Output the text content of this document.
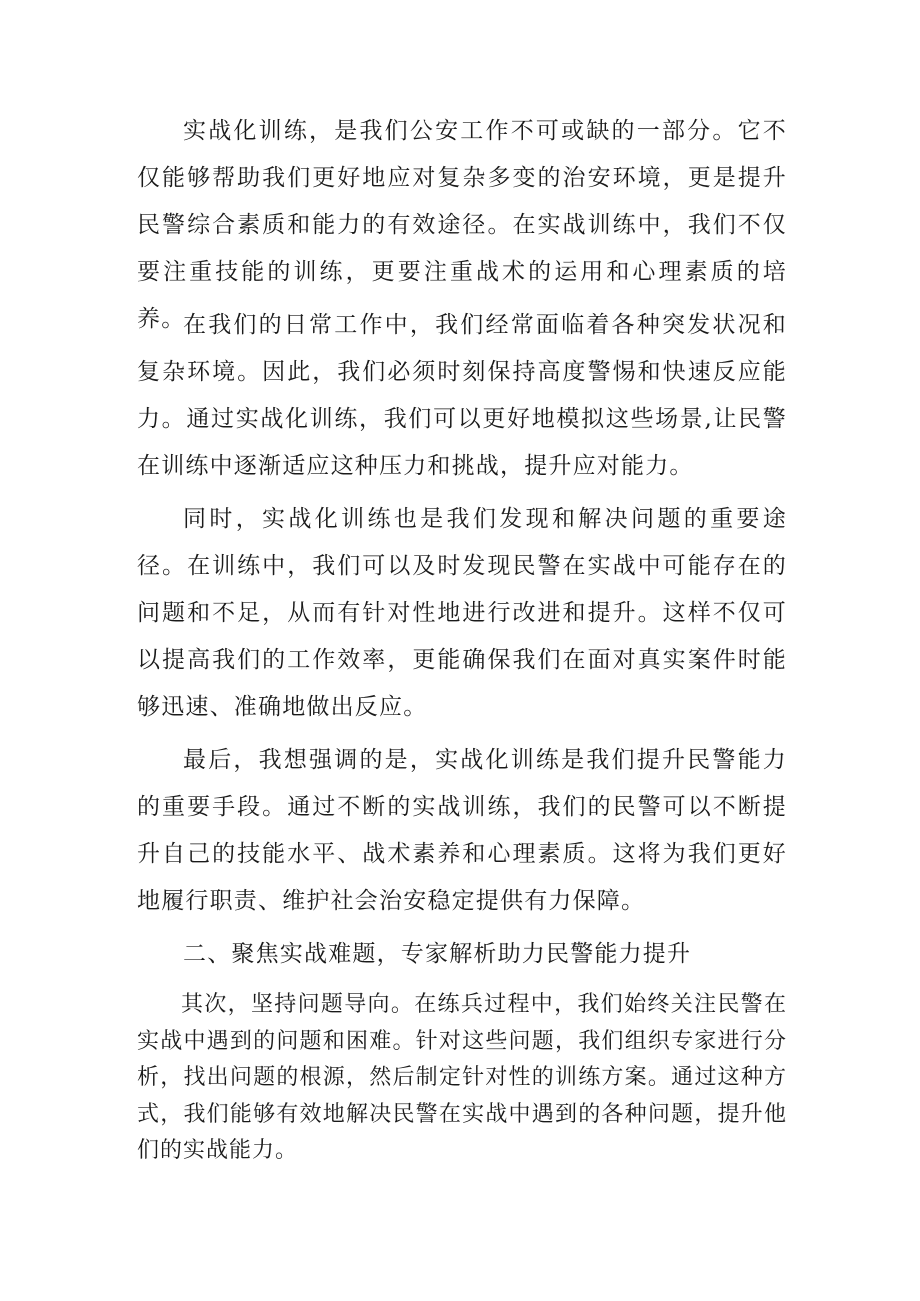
实战化训练，是我们公安工作不可或缺的一部分。它不仅能够帮助我们更好地应对复杂多变的治安环境，更是提升民警综合素质和能力的有效途径。在实战训练中，我们不仅要注重技能的训练，更要注重战术的运用和心理素质的培养。

在我们的日常工作中，我们经常面临着各种突发状况和复杂环境。因此，我们必须时刻保持高度警惕和快速反应能力。通过实战化训练，我们可以更好地模拟这些场景,让民警在训练中逐渐适应这种压力和挑战，提升应对能力。

同时，实战化训练也是我们发现和解决问题的重要途径。在训练中，我们可以及时发现民警在实战中可能存在的问题和不足，从而有针对性地进行改进和提升。这样不仅可以提高我们的工作效率，更能确保我们在面对真实案件时能够迅速、准确地做出反应。

最后，我想强调的是，实战化训练是我们提升民警能力的重要手段。通过不断的实战训练，我们的民警可以不断提升自己的技能水平、战术素养和心理素质。这将为我们更好地履行职责、维护社会治安稳定提供有力保障。

二、聚焦实战难题，专家解析助力民警能力提升

其次，坚持问题导向。在练兵过程中，我们始终关注民警在实战中遇到的问题和困难。针对这些问题，我们组织专家进行分析，找出问题的根源，然后制定针对性的训练方案。通过这种方式，我们能够有效地解决民警在实战中遇到的各种问题，提升他们的实战能力。
